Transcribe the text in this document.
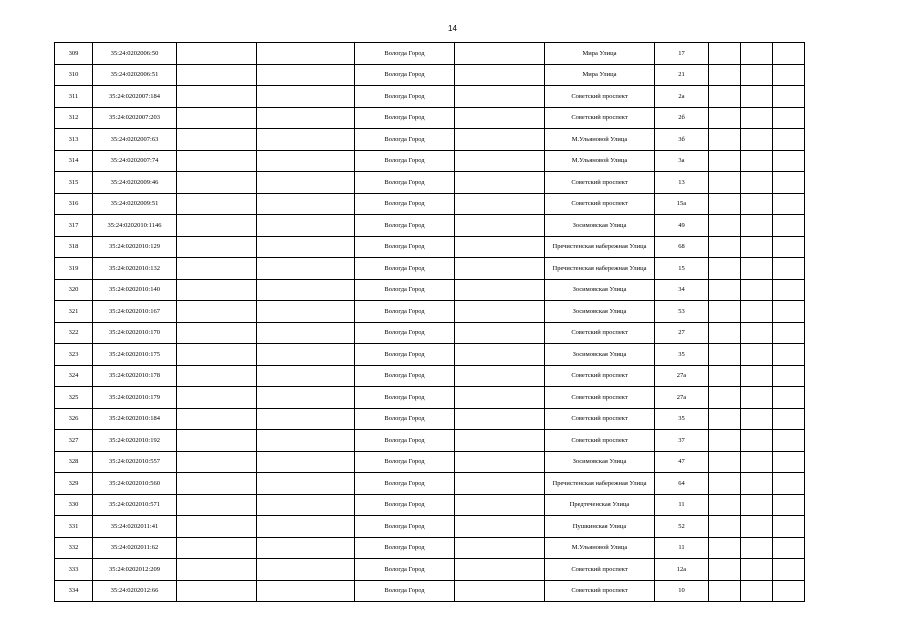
14
309	35:24:0202006:50			Вологда Город		Мира Улица	17			
310	35:24:0202006:51			Вологда Город		Мира Улица	21			
311	35:24:0202007:184			Вологда Город		Советский проспект	2а			
312	35:24:0202007:203			Вологда Город		Советский проспект	2б			
313	35:24:0202007:63			Вологда Город		М.Ульяновой Улица	3б			
314	35:24:0202007:74			Вологда Город		М.Ульяновой Улица	3а			
315	35:24:0202009:46			Вологда Город		Советский проспект	13			
316	35:24:0202009:51			Вологда Город		Советский проспект	15а			
317	35:24:0202010:1146			Вологда Город		Зосимовская Улица	49			
318	35:24:0202010:129			Вологда Город		Пречистенская набережная Улица	68			
319	35:24:0202010:132			Вологда Город		Пречистенская набережная Улица	15			
320	35:24:0202010:140			Вологда Город		Зосимовская Улица	34			
321	35:24:0202010:167			Вологда Город		Зосимовская Улица	53			
322	35:24:0202010:170			Вологда Город		Советский проспект	27			
323	35:24:0202010:175			Вологда Город		Зосимовская Улица	35			
324	35:24:0202010:178			Вологда Город		Советский проспект	27а			
325	35:24:0202010:179			Вологда Город		Советский проспект	27а			
326	35:24:0202010:184			Вологда Город		Советский проспект	35			
327	35:24:0202010:192			Вологда Город		Советский проспект	37			
328	35:24:0202010:557			Вологда Город		Зосимовская Улица	47			
329	35:24:0202010:560			Вологда Город		Пречистенская набережная Улица	64			
330	35:24:0202010:571			Вологда Город		Предтеченская Улица	11			
331	35:24:0202011:41			Вологда Город		Пушкинская Улица	52			
332	35:24:0202011:62			Вологда Город		М.Ульяновой Улица	11			
333	35:24:0202012:209			Вологда Город		Советский проспект	12а			
334	35:24:0202012:66			Вологда Город		Советский проспект	10			
